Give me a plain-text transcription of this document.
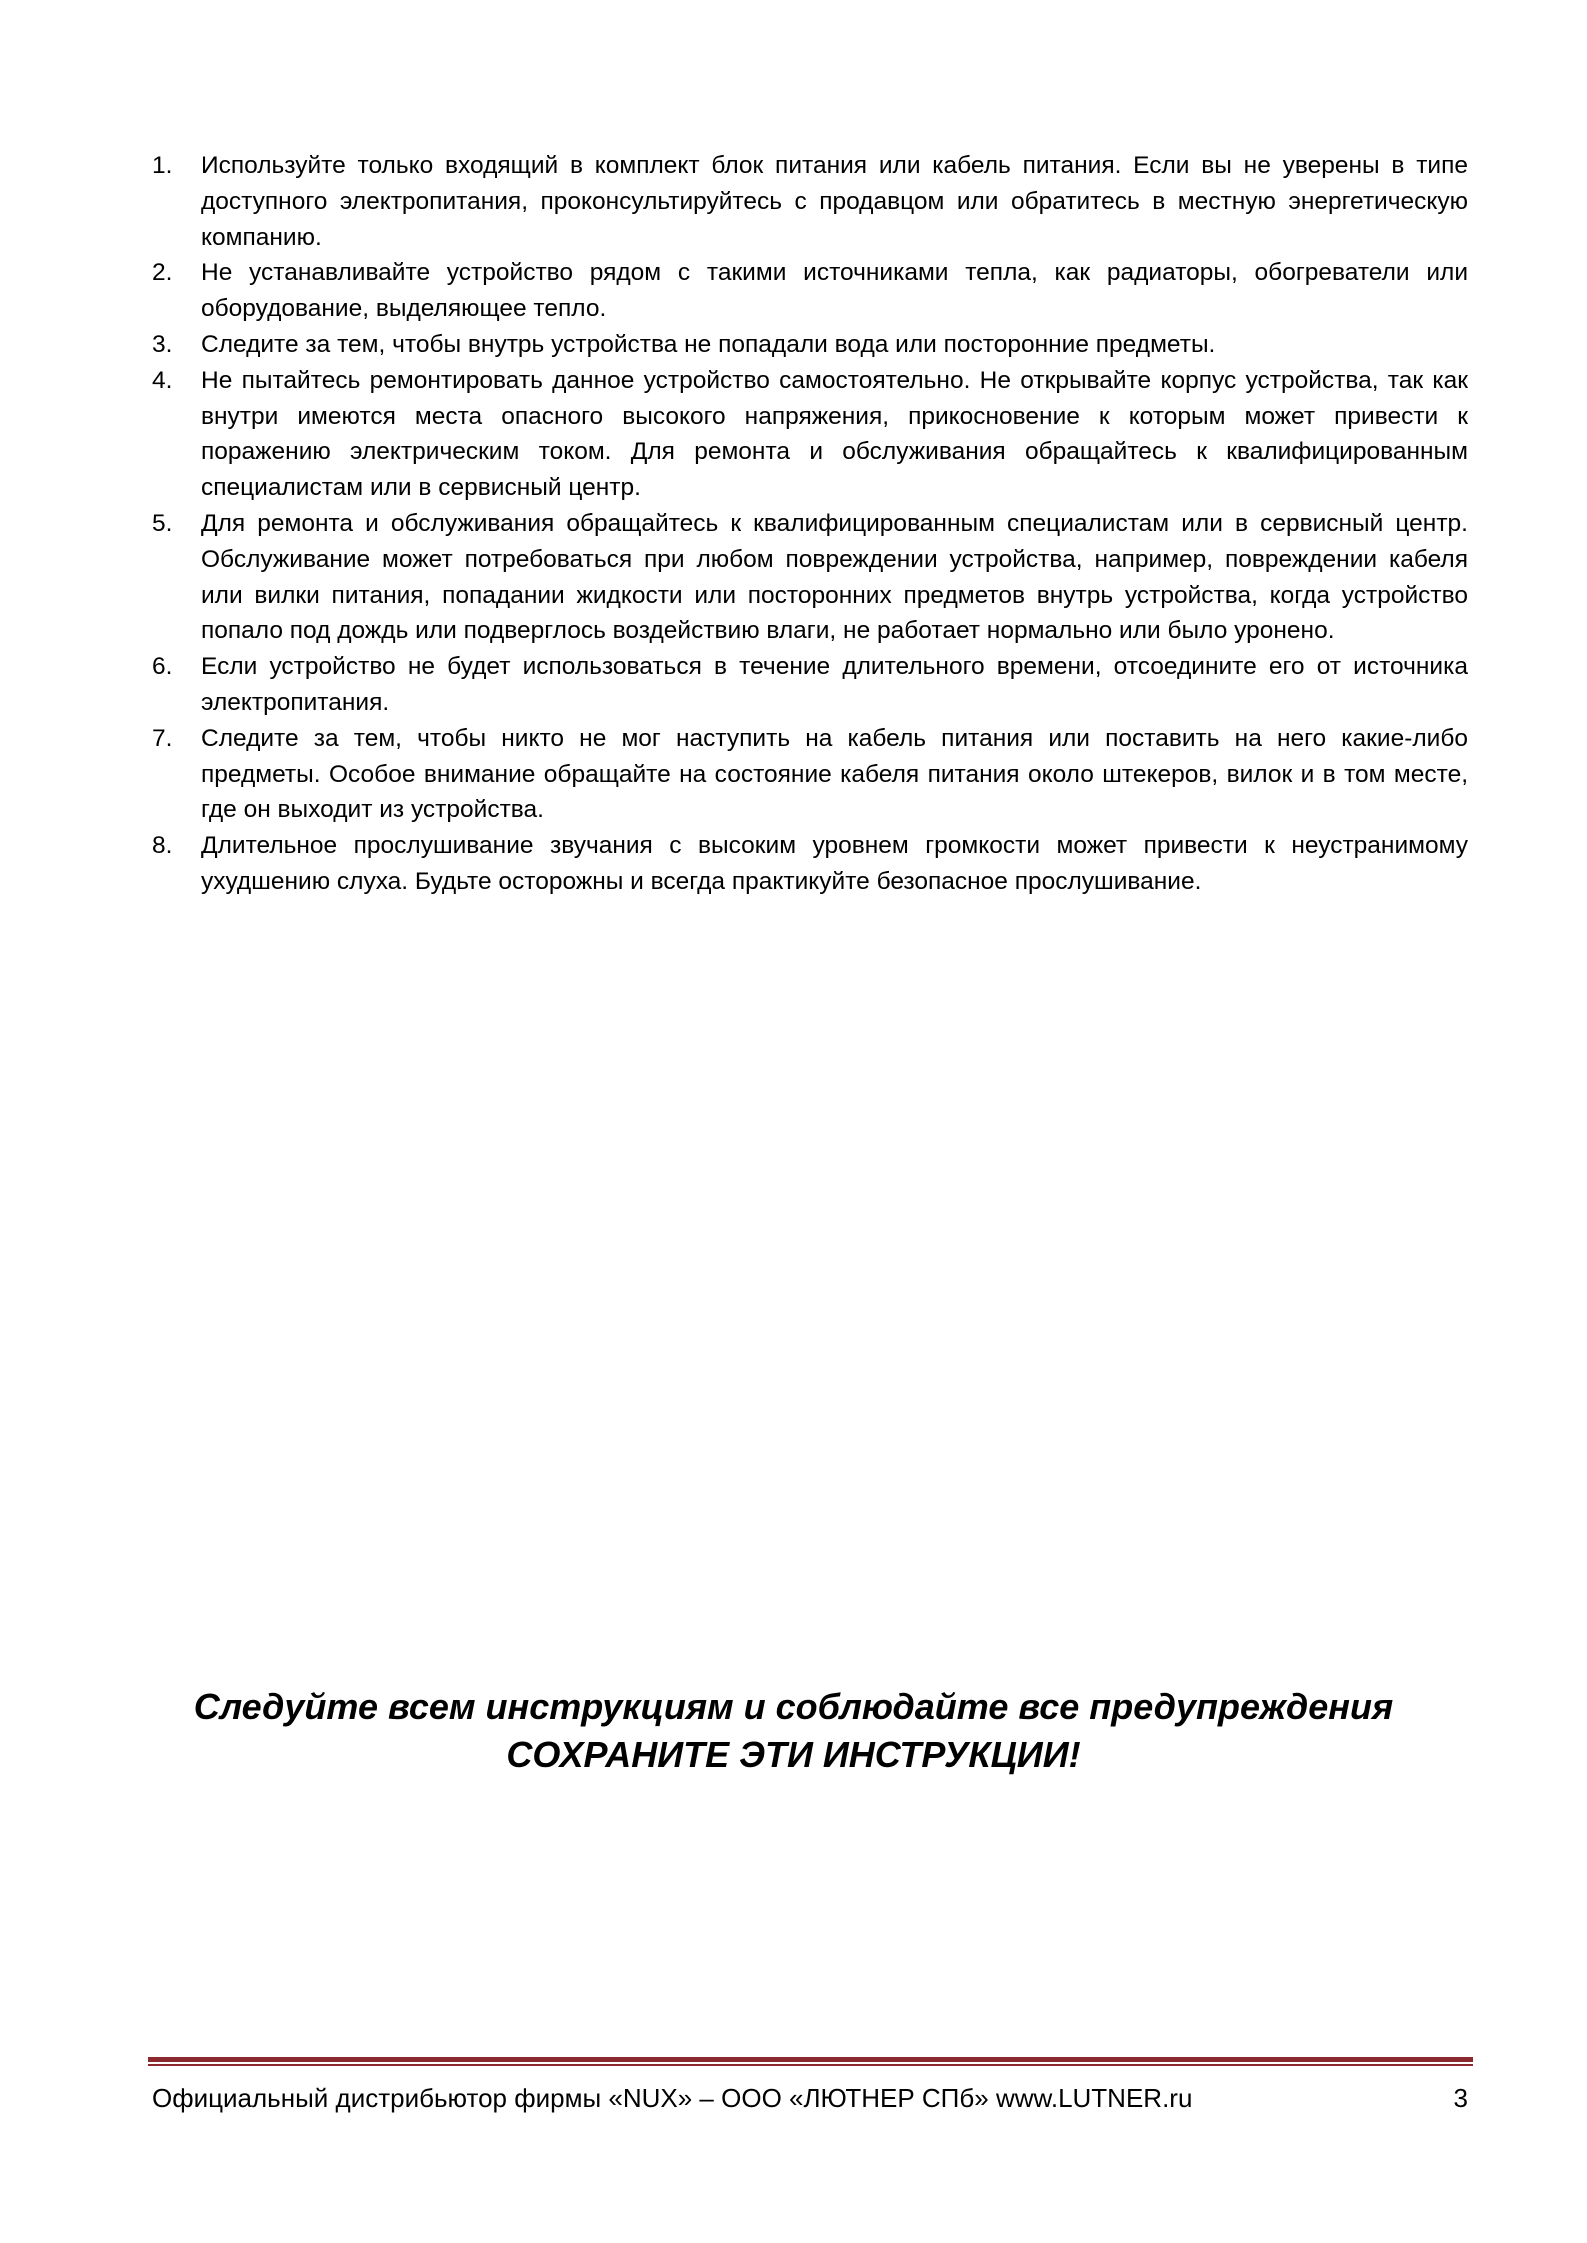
1. Используйте только входящий в комплект блок питания или кабель питания. Если вы не уверены в типе доступного электропитания, проконсультируйтесь с продавцом или обратитесь в местную энергетическую компанию.
2. Не устанавливайте устройство рядом с такими источниками тепла, как радиаторы, обогреватели или оборудование, выделяющее тепло.
3. Следите за тем, чтобы внутрь устройства не попадали вода или посторонние предметы.
4. Не пытайтесь ремонтировать данное устройство самостоятельно. Не открывайте корпус устройства, так как внутри имеются места опасного высокого напряжения, прикосновение к которым может привести к поражению электрическим током. Для ремонта и обслуживания обращайтесь к квалифицированным специалистам или в сервисный центр.
5. Для ремонта и обслуживания обращайтесь к квалифицированным специалистам или в сервисный центр. Обслуживание может потребоваться при любом повреждении устройства, например, повреждении кабеля или вилки питания, попадании жидкости или посторонних предметов внутрь устройства, когда устройство попало под дождь или подверглось воздействию влаги, не работает нормально или было уронено.
6. Если устройство не будет использоваться в течение длительного времени, отсоедините его от источника электропитания.
7. Следите за тем, чтобы никто не мог наступить на кабель питания или поставить на него какие-либо предметы. Особое внимание обращайте на состояние кабеля питания около штекеров, вилок и в том месте, где он выходит из устройства.
8. Длительное прослушивание звучания с высоким уровнем громкости может привести к неустранимому ухудшению слуха. Будьте осторожны и всегда практикуйте безопасное прослушивание.
Следуйте всем инструкциям и соблюдайте все предупреждения
СОХРАНИТЕ ЭТИ ИНСТРУКЦИИ!
Официальный дистрибьютор фирмы «NUX» – ООО «ЛЮТНЕР СПб» www.LUTNER.ru	3
